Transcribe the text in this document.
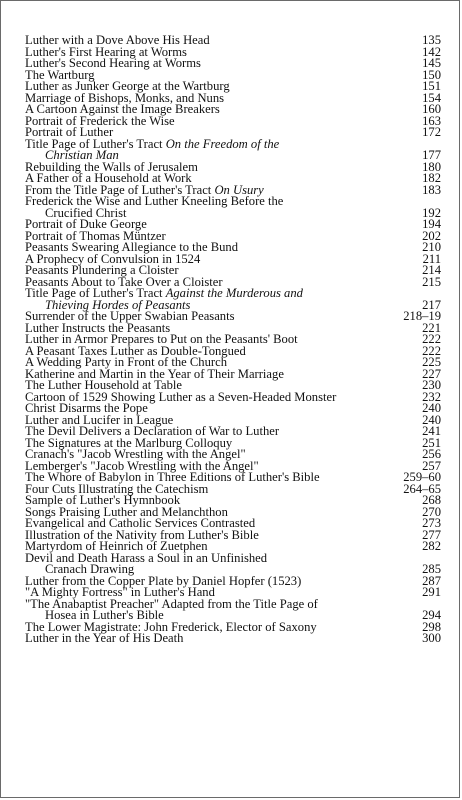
Luther with a Dove Above His Head	135
Luther's First Hearing at Worms	142
Luther's Second Hearing at Worms	145
The Wartburg	150
Luther as Junker George at the Wartburg	151
Marriage of Bishops, Monks, and Nuns	154
A Cartoon Against the Image Breakers	160
Portrait of Frederick the Wise	163
Portrait of Luther	172
Title Page of Luther's Tract On the Freedom of the
Christian Man	177
Rebuilding the Walls of Jerusalem	180
A Father of a Household at Work	182
From the Title Page of Luther's Tract On Usury	183
Frederick the Wise and Luther Kneeling Before the
Crucified Christ	192
Portrait of Duke George	194
Portrait of Thomas Müntzer	202
Peasants Swearing Allegiance to the Bund	210
A Prophecy of Convulsion in 1524	211
Peasants Plundering a Cloister	214
Peasants About to Take Over a Cloister	215
Title Page of Luther's Tract Against the Murderous and
Thieving Hordes of Peasants	217
Surrender of the Upper Swabian Peasants	218–19
Luther Instructs the Peasants	221
Luther in Armor Prepares to Put on the Peasants' Boot	222
A Peasant Taxes Luther as Double-Tongued	222
A Wedding Party in Front of the Church	225
Katherine and Martin in the Year of Their Marriage	227
The Luther Household at Table	230
Cartoon of 1529 Showing Luther as a Seven-Headed Monster	232
Christ Disarms the Pope	240
Luther and Lucifer in League	240
The Devil Delivers a Declaration of War to Luther	241
The Signatures at the Marlburg Colloquy	251
Cranach's "Jacob Wrestling with the Angel"	256
Lemberger's "Jacob Wrestling with the Angel"	257
The Whore of Babylon in Three Editions of Luther's Bible	259–60
Four Cuts Illustrating the Catechism	264–65
Sample of Luther's Hymnbook	268
Songs Praising Luther and Melanchthon	270
Evangelical and Catholic Services Contrasted	273
Illustration of the Nativity from Luther's Bible	277
Martyrdom of Heinrich of Zuetphen	282
Devil and Death Harass a Soul in an Unfinished
Cranach Drawing	285
Luther from the Copper Plate by Daniel Hopfer (1523)	287
"A Mighty Fortress" in Luther's Hand	291
"The Anabaptist Preacher" Adapted from the Title Page of
Hosea in Luther's Bible	294
The Lower Magistrate: John Frederick, Elector of Saxony	298
Luther in the Year of His Death	300
